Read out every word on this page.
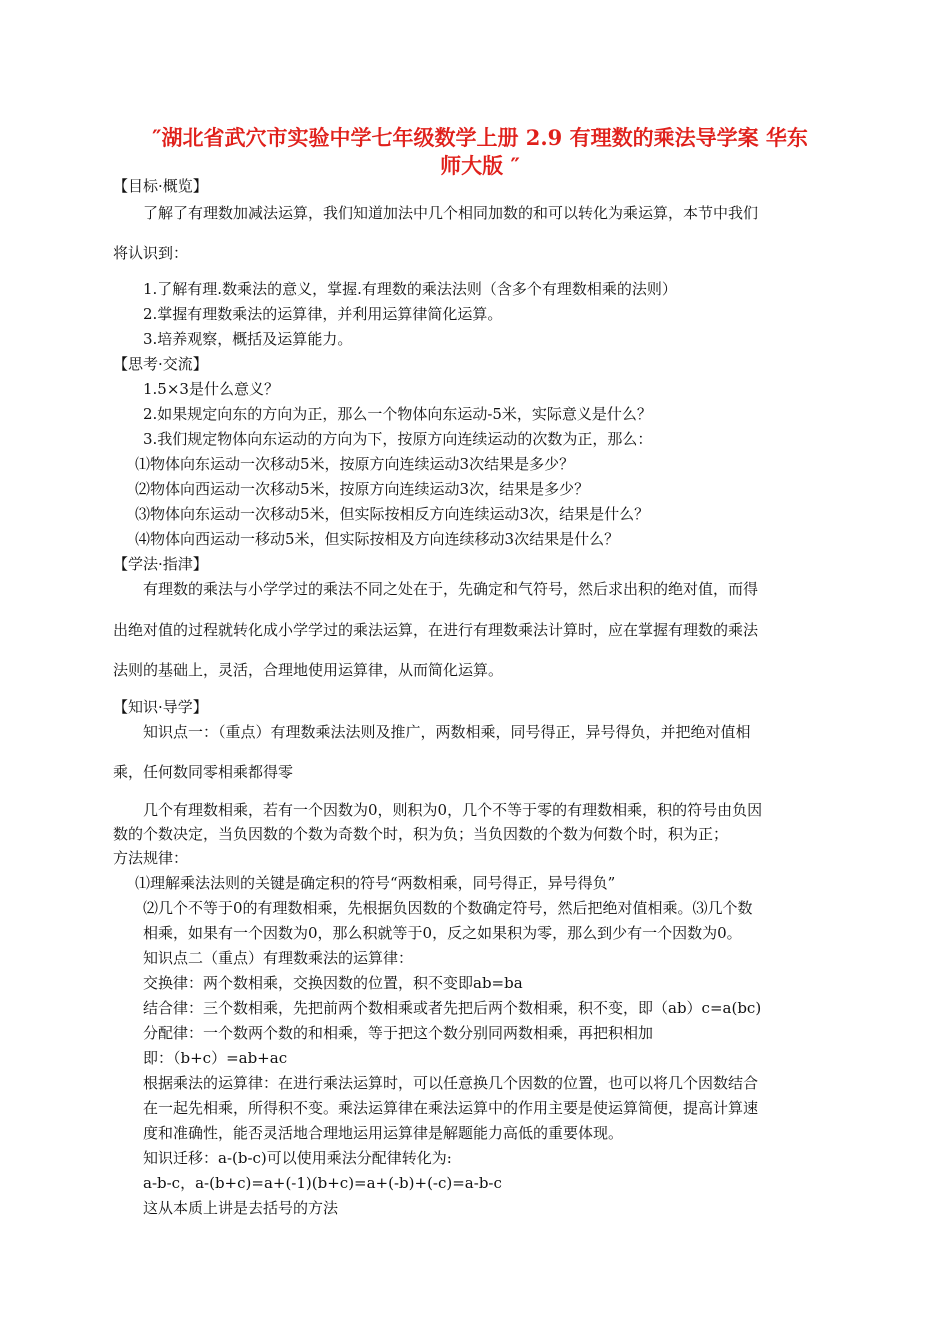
″湖北省武穴市实验中学七年级数学上册 2.9 有理数的乘法导学案 华东
师大版 ″
【目标·概览】
了解了有理数加减法运算，我们知道加法中几个相同加数的和可以转化为乘运算，本节中我们
将认识到：
1.了解有理.数乘法的意义，掌握.有理数的乘法法则（含多个有理数相乘的法则）
2.掌握有理数乘法的运算律，并利用运算律简化运算。
3.培养观察，概括及运算能力。
【思考·交流】
1.5×3是什么意义？
2.如果规定向东的方向为正，那么一个物体向东运动-5米，实际意义是什么？
3.我们规定物体向东运动的方向为下，按原方向连续运动的次数为正，那么：
⑴物体向东运动一次移动5米，按原方向连续运动3次结果是多少？
⑵物体向西运动一次移动5米，按原方向连续运动3次，结果是多少？
⑶物体向东运动一次移动5米，但实际按相反方向连续运动3次，结果是什么？
⑷物体向西运动一移动5米，但实际按相及方向连续移动3次结果是什么？
【学法·指津】
有理数的乘法与小学学过的乘法不同之处在于，先确定和气符号，然后求出积的绝对值，而得
出绝对值的过程就转化成小学学过的乘法运算，在进行有理数乘法计算时，应在掌握有理数的乘法
法则的基础上，灵活，合理地使用运算律，从而简化运算。
【知识·导学】
知识点一：（重点）有理数乘法法则及推广，两数相乘，同号得正，异号得负，并把绝对值相
乘，任何数同零相乘都得零
几个有理数相乘，若有一个因数为0，则积为0，几个不等于零的有理数相乘，积的符号由负因
数的个数决定，当负因数的个数为奇数个时，积为负；当负因数的个数为何数个时，积为正；
方法规律：
⑴理解乘法法则的关键是确定积的符号“两数相乘，同号得正，异号得负”
⑵几个不等于0的有理数相乘，先根据负因数的个数确定符号，然后把绝对值相乘。⑶几个数
相乘，如果有一个因数为0，那么积就等于0，反之如果积为零，那么到少有一个因数为0。
知识点二（重点）有理数乘法的运算律：
交换律：两个数相乘，交换因数的位置，积不变即ab=ba
结合律：三个数相乘，先把前两个数相乘或者先把后两个数相乘，积不变，即（ab）c=a(bc)
分配律：一个数两个数的和相乘，等于把这个数分别同两数相乘，再把积相加
即：（b+c）=ab+ac
根据乘法的运算律：在进行乘法运算时，可以任意换几个因数的位置，也可以将几个因数结合
在一起先相乘，所得积不变。乘法运算律在乘法运算中的作用主要是使运算简便，提高计算速
度和准确性，能否灵活地合理地运用运算律是解题能力高低的重要体现。
知识迁移：a-(b-c)可以使用乘法分配律转化为:
a-b-c，a-(b+c)=a+(-1)(b+c)=a+(-b)+(-c)=a-b-c
这从本质上讲是去括号的方法
